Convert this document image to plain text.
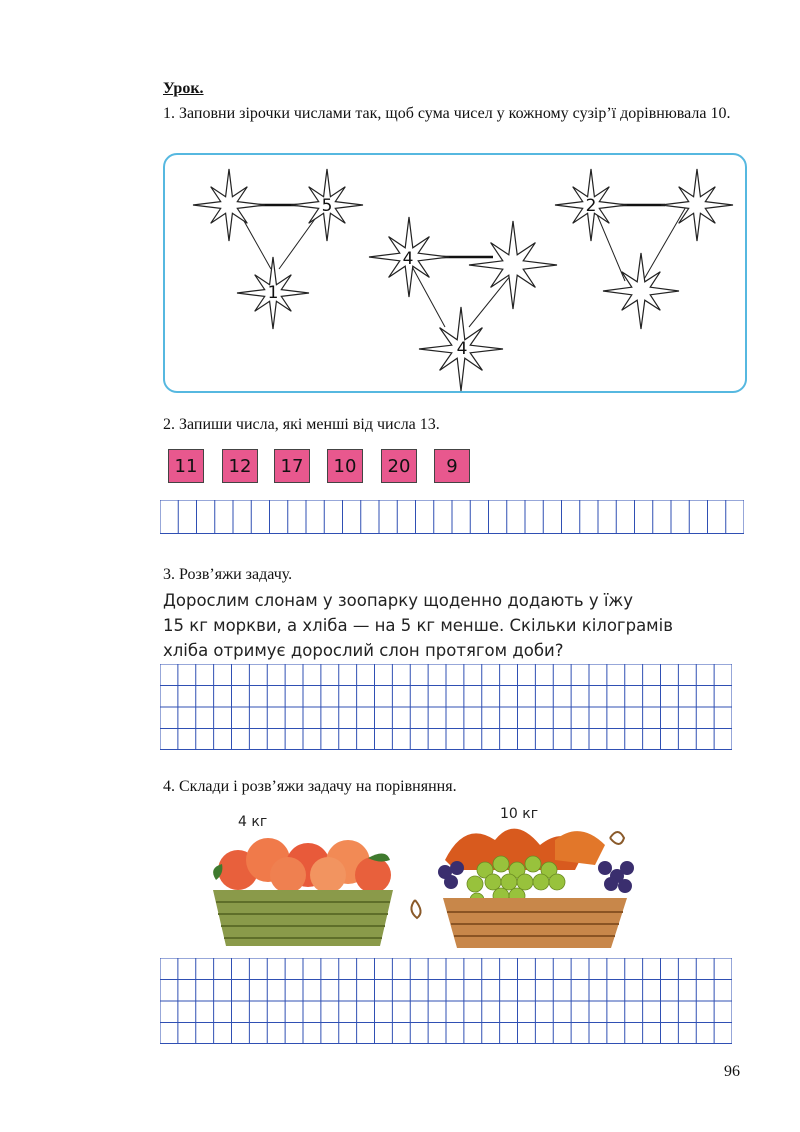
Урок.
1. Заповни зірочки числами так, щоб сума чисел у кожному сузір’ї дорівнювала 10.
5
1
4
4
2
2. Запиши числа, які менші від числа 13.
11	12	17	10	20	9
3. Розв’яжи задачу.
Дорослим слонам у зоопарку щоденно додають у їжу
15 кг моркви, а хліба — на 5 кг менше. Скільки кілограмів
хліба отримує дорослий слон протягом доби?
4. Склади і розв’яжи задачу на порівняння.
4 кг	10 кг
96
